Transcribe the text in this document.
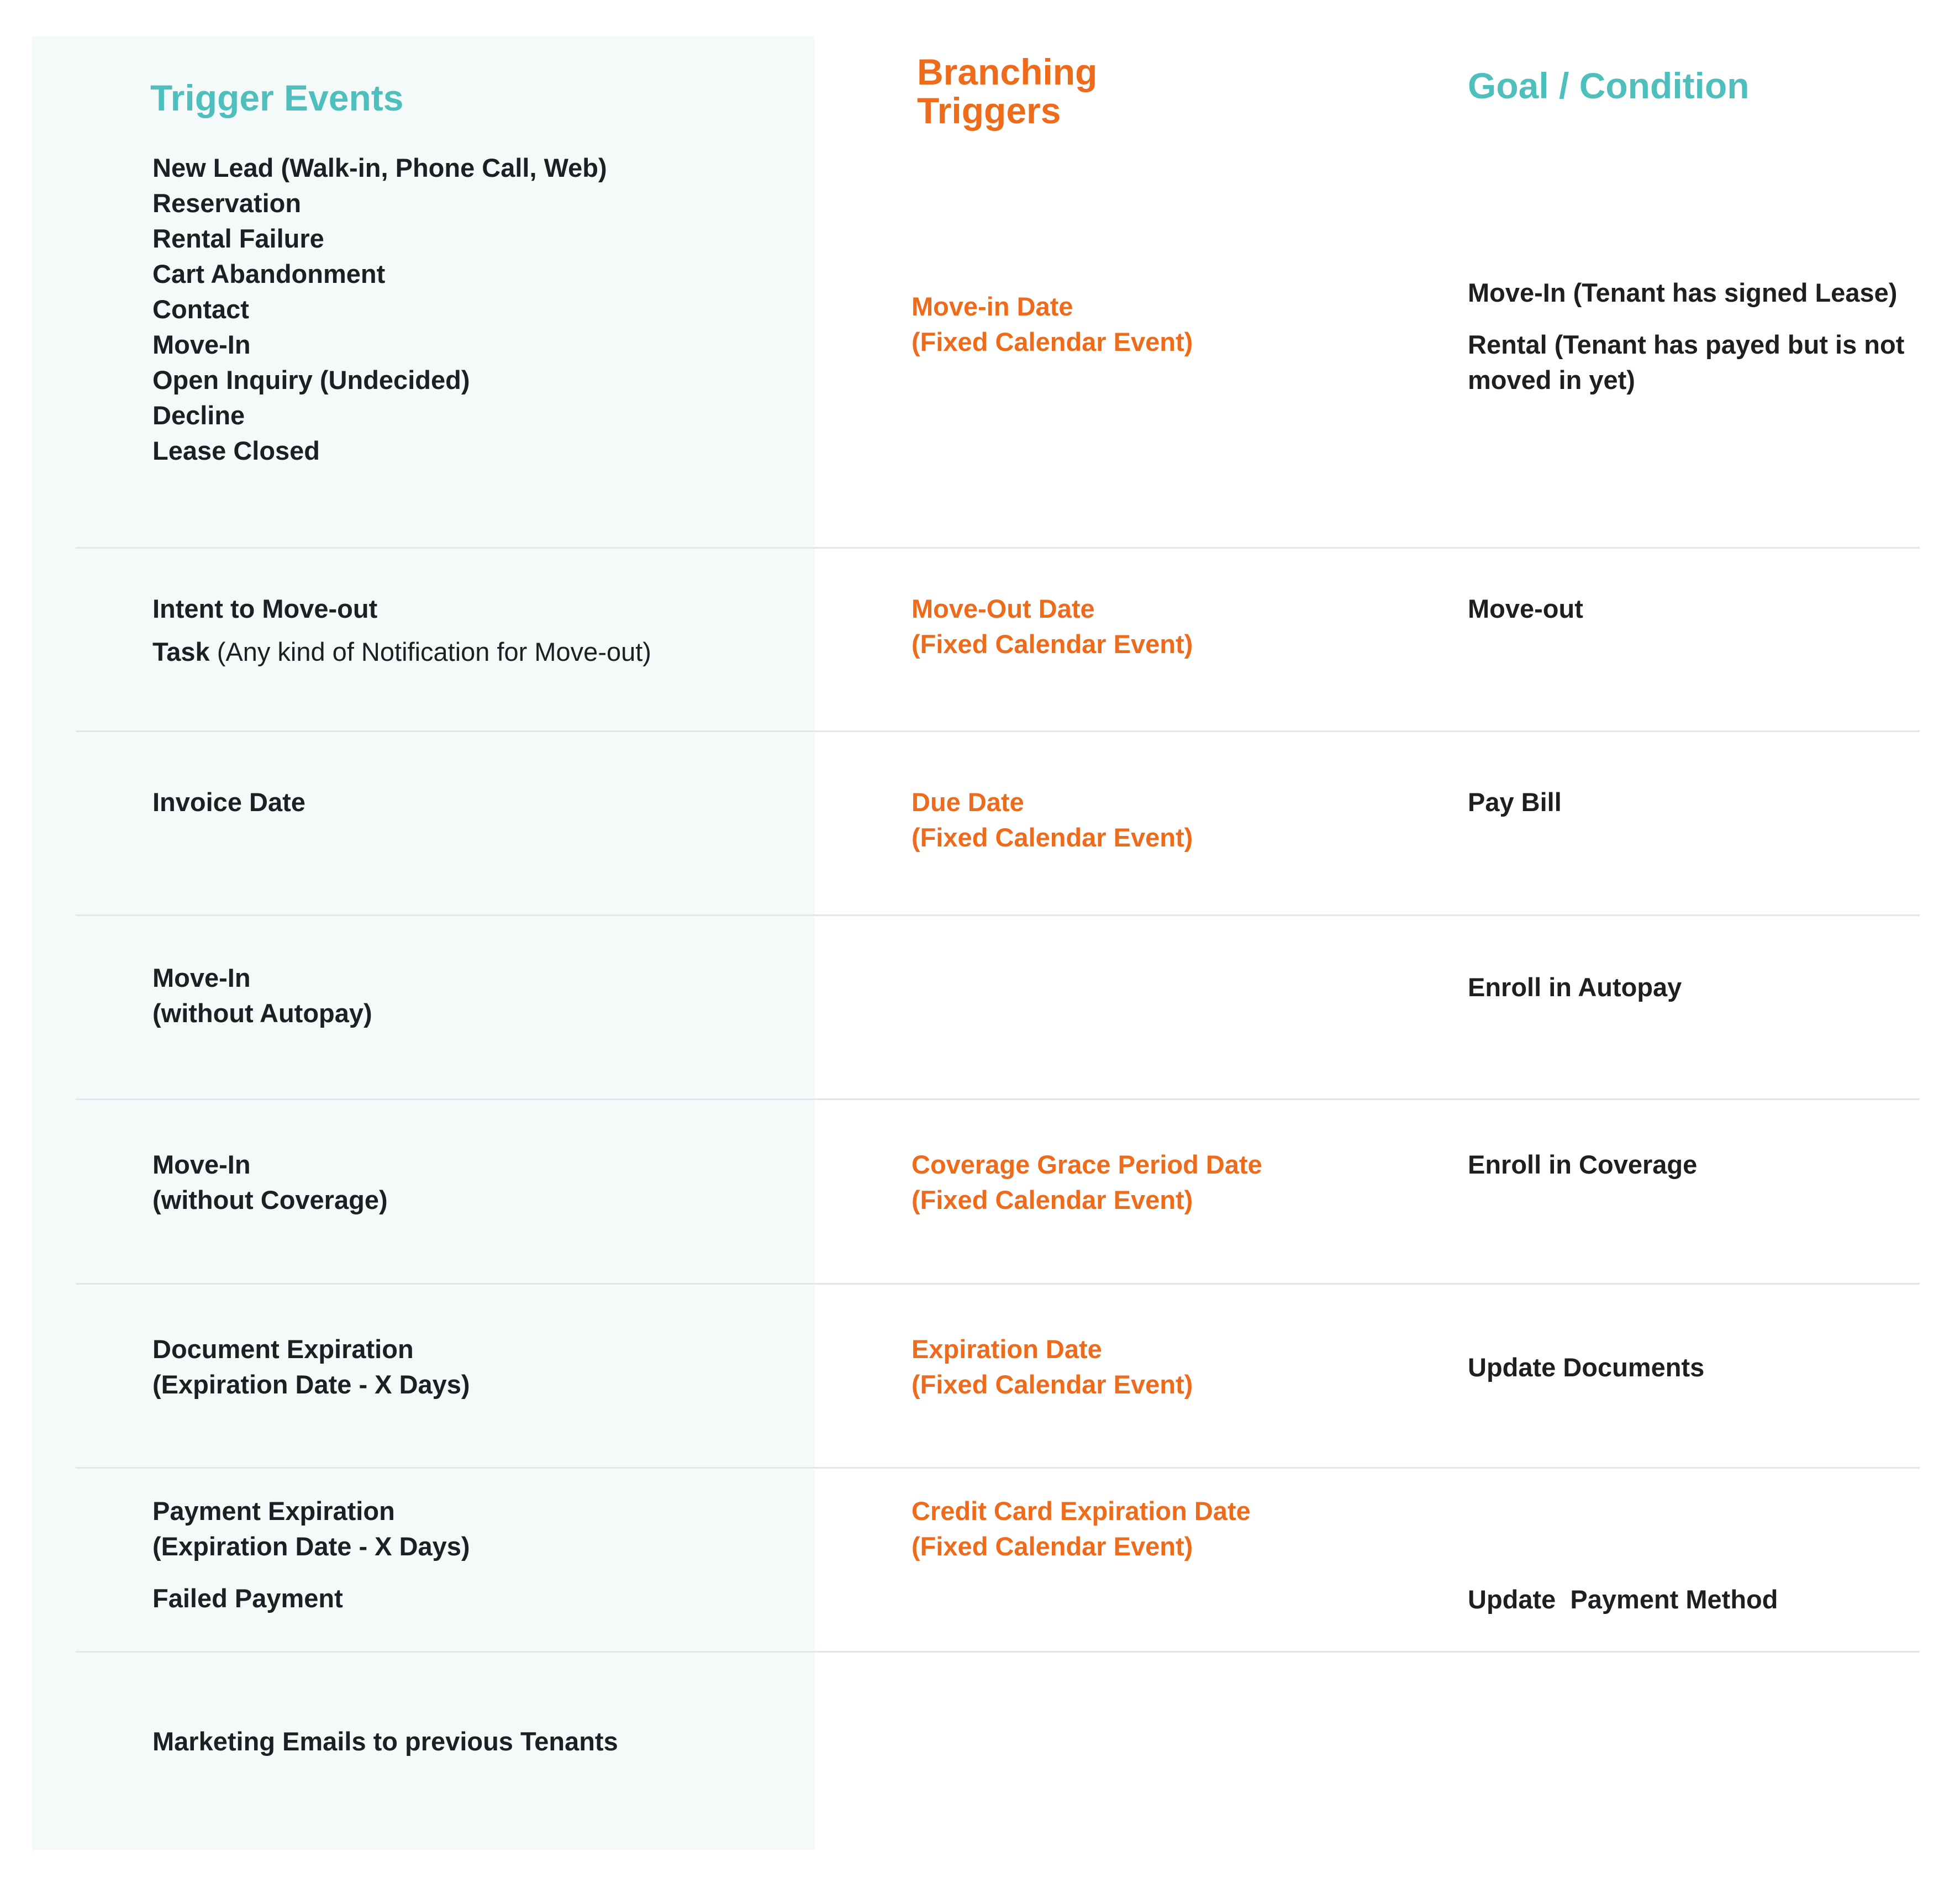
Trigger Events
Branching
Triggers
Goal / Condition
New Lead (Walk-in, Phone Call, Web)
Reservation
Rental Failure
Cart Abandonment
Contact
Move-In
Open Inquiry (Undecided)
Decline
Lease Closed
Move-in Date
(Fixed Calendar Event)
Move-In (Tenant has signed Lease)
Rental (Tenant has payed but is not
moved in yet)
Intent to Move-out
Task (Any kind of Notification for Move-out)
Move-Out Date
(Fixed Calendar Event)
Move-out
Invoice Date	Due Date
(Fixed Calendar Event)
Pay Bill
Move-In
(without Autopay)
Enroll in Autopay
Move-In
(without Coverage)
Coverage Grace Period Date
(Fixed Calendar Event)
Enroll in Coverage
Document Expiration
(Expiration Date - X Days)
Expiration Date
(Fixed Calendar Event)
Update Documents
Payment Expiration
(Expiration Date - X Days)
Failed Payment
Credit Card Expiration Date
(Fixed Calendar Event)

Update  Payment Method

Marketing Emails to previous Tenants
